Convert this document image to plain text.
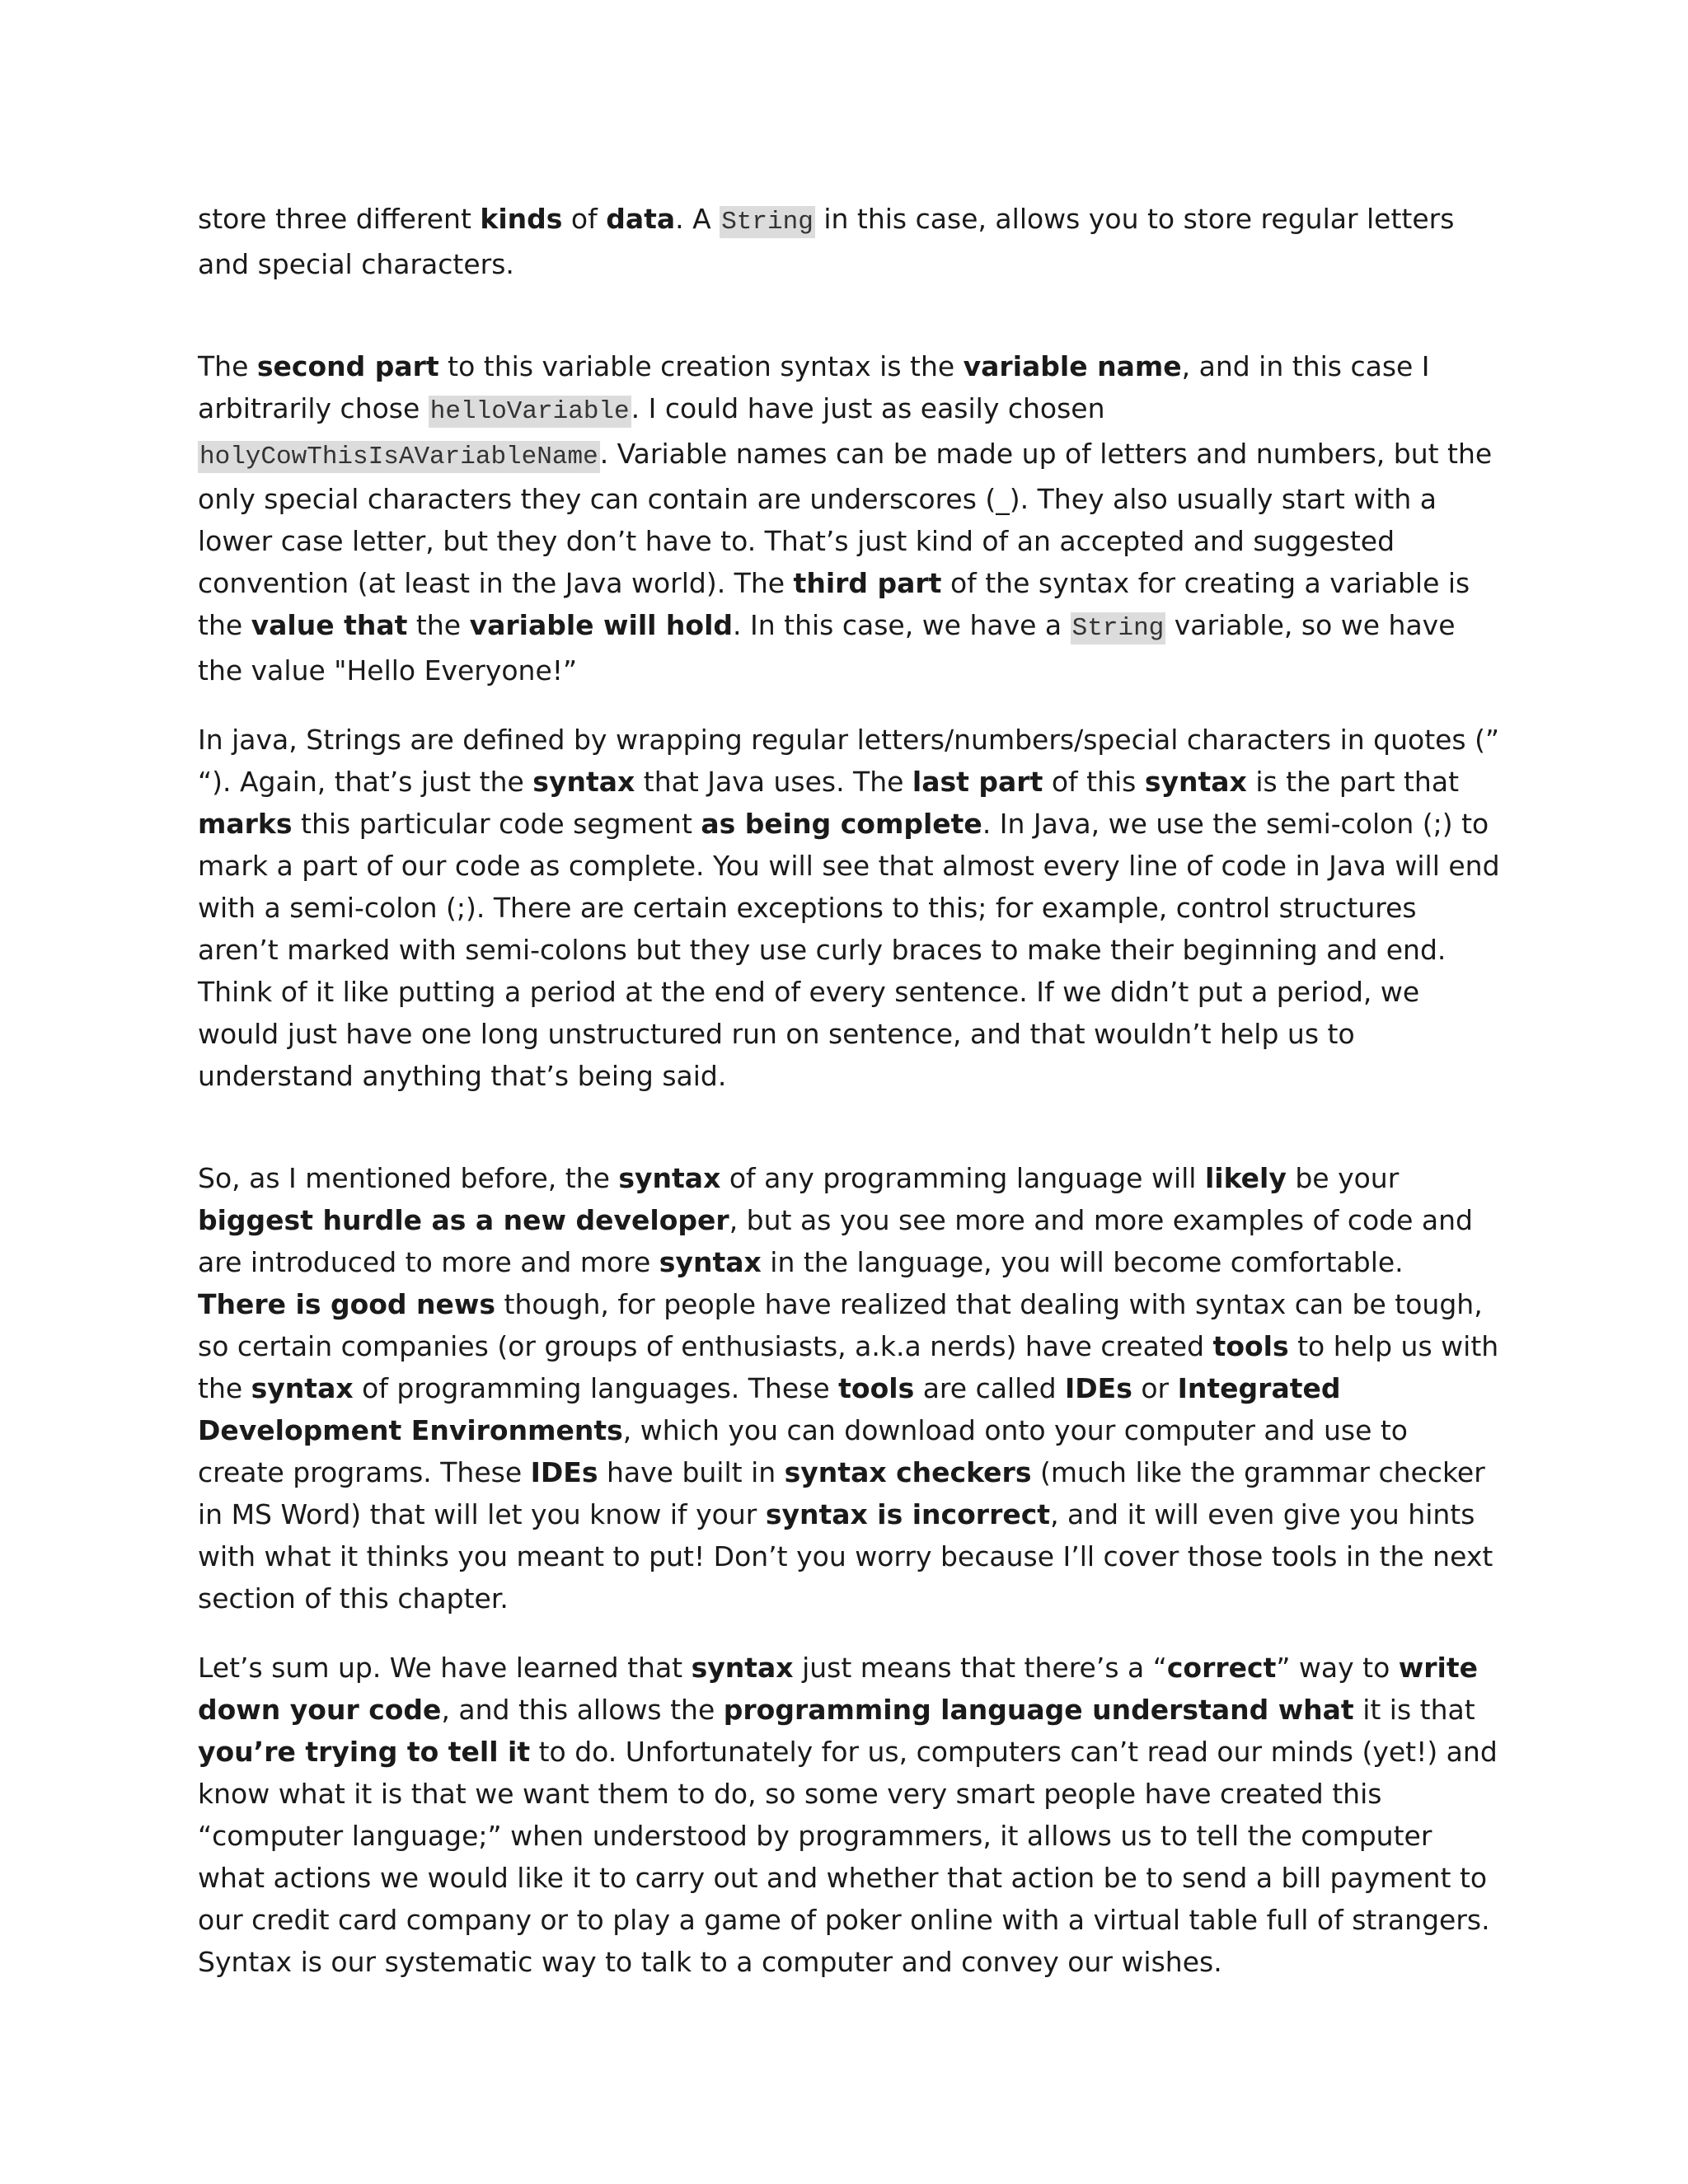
store three different kinds of data. A String in this case, allows you to store regular letters and special characters.

The second part to this variable creation syntax is the variable name, and in this case I arbitrarily chose helloVariable. I could have just as easily chosen holyCowThisIsAVariableName. Variable names can be made up of letters and numbers, but the only special characters they can contain are underscores (_). They also usually start with a lower case letter, but they don’t have to. That’s just kind of an accepted and suggested convention (at least in the Java world). The third part of the syntax for creating a variable is the value that the variable will hold. In this case, we have a String variable, so we have the value "Hello Everyone!”

In java, Strings are defined by wrapping regular letters/numbers/special characters in quotes (” “). Again, that’s just the syntax that Java uses. The last part of this syntax is the part that marks this particular code segment as being complete. In Java, we use the semi-colon (;) to mark a part of our code as complete. You will see that almost every line of code in Java will end with a semi-colon (;). There are certain exceptions to this; for example, control structures aren’t marked with semi-colons but they use curly braces to make their beginning and end. Think of it like putting a period at the end of every sentence. If we didn’t put a period, we would just have one long unstructured run on sentence, and that wouldn’t help us to understand anything that’s being said.

So, as I mentioned before, the syntax of any programming language will likely be your biggest hurdle as a new developer, but as you see more and more examples of code and are introduced to more and more syntax in the language, you will become comfortable. There is good news though, for people have realized that dealing with syntax can be tough, so certain companies (or groups of enthusiasts, a.k.a nerds) have created tools to help us with the syntax of programming languages. These tools are called IDEs or Integrated Development Environments, which you can download onto your computer and use to create programs. These IDEs have built in syntax checkers (much like the grammar checker in MS Word) that will let you know if your syntax is incorrect, and it will even give you hints with what it thinks you meant to put! Don’t you worry because I’ll cover those tools in the next section of this chapter.

Let’s sum up. We have learned that syntax just means that there’s a “correct” way to write down your code, and this allows the programming language understand what it is that you’re trying to tell it to do. Unfortunately for us, computers can’t read our minds (yet!) and know what it is that we want them to do, so some very smart people have created this “computer language;” when understood by programmers, it allows us to tell the computer what actions we would like it to carry out and whether that action be to send a bill payment to our credit card company or to play a game of poker online with a virtual table full of strangers. Syntax is our systematic way to talk to a computer and convey our wishes.
